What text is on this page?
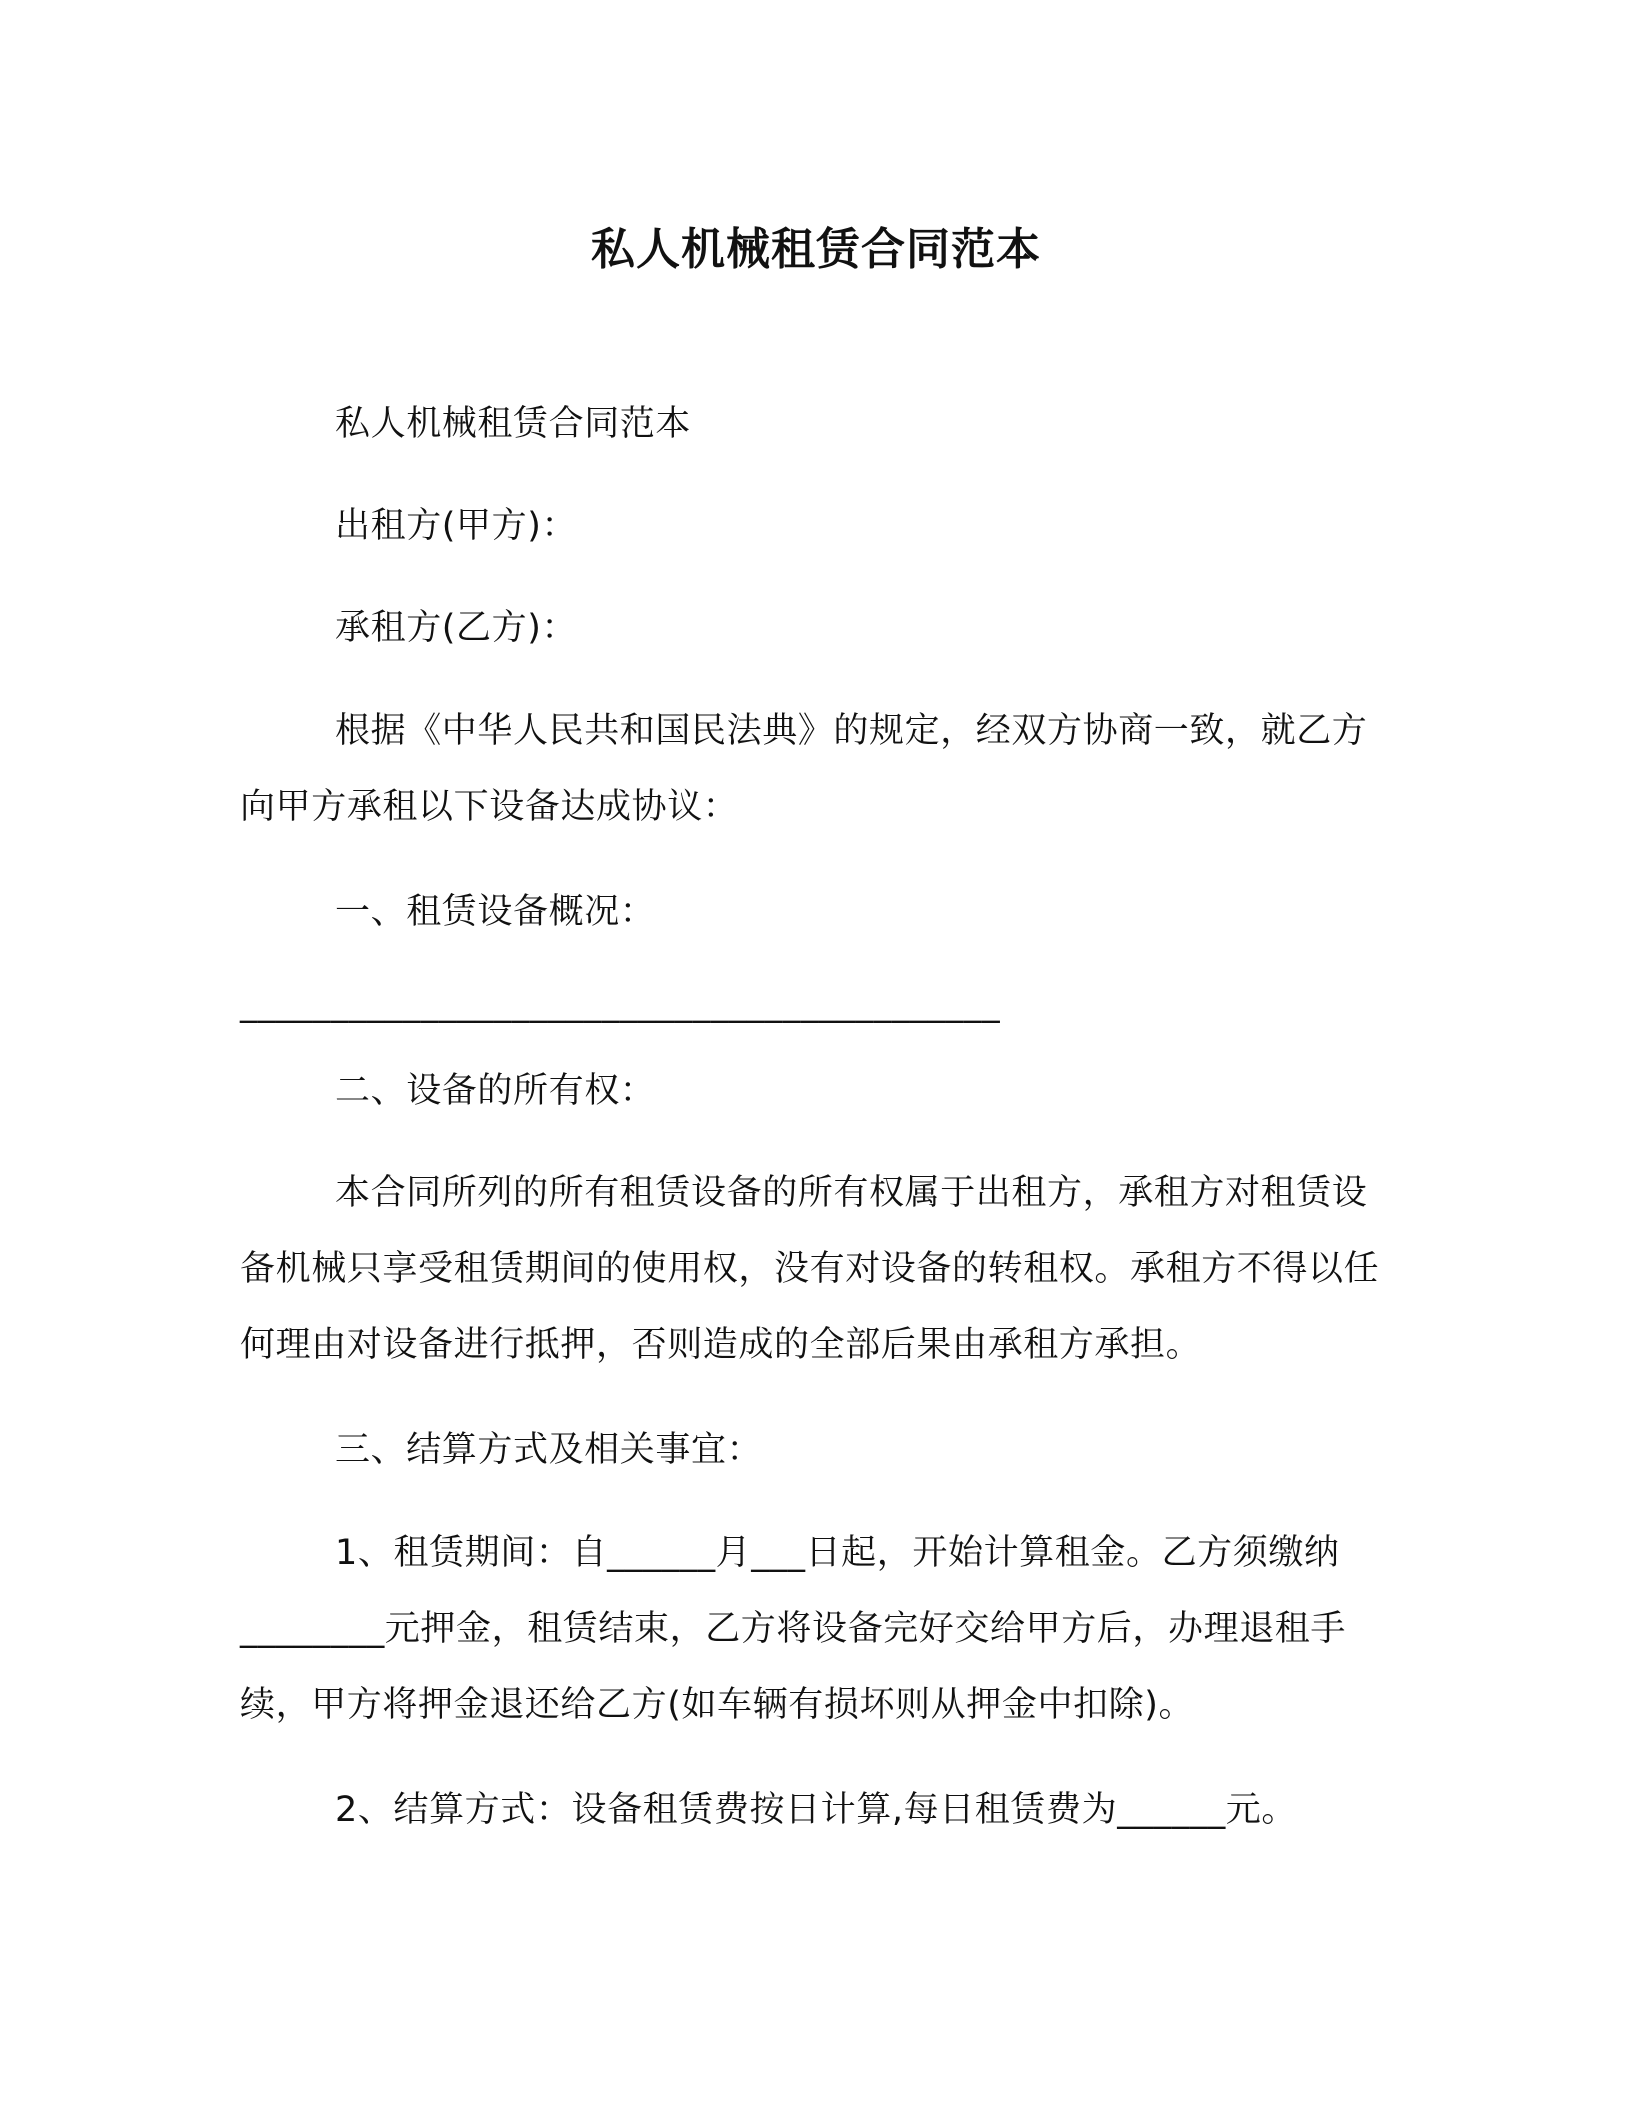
私人机械租赁合同范本
私人机械租赁合同范本
出租方(甲方)：
承租方(乙方)：
根据《中华人民共和国民法典》的规定，经双方协商一致，就乙方向甲方承租以下设备达成协议：
一、租赁设备概况：
__________________________________________
二、设备的所有权：
本合同所列的所有租赁设备的所有权属于出租方，承租方对租赁设备机械只享受租赁期间的使用权，没有对设备的转租权。承租方不得以任何理由对设备进行抵押，否则造成的全部后果由承租方承担。
三、结算方式及相关事宜：
1、租赁期间：自______月___日起，开始计算租金。乙方须缴纳________元押金，租赁结束，乙方将设备完好交给甲方后，办理退租手续，甲方将押金退还给乙方(如车辆有损坏则从押金中扣除)。
2、结算方式：设备租赁费按日计算,每日租赁费为______元。
